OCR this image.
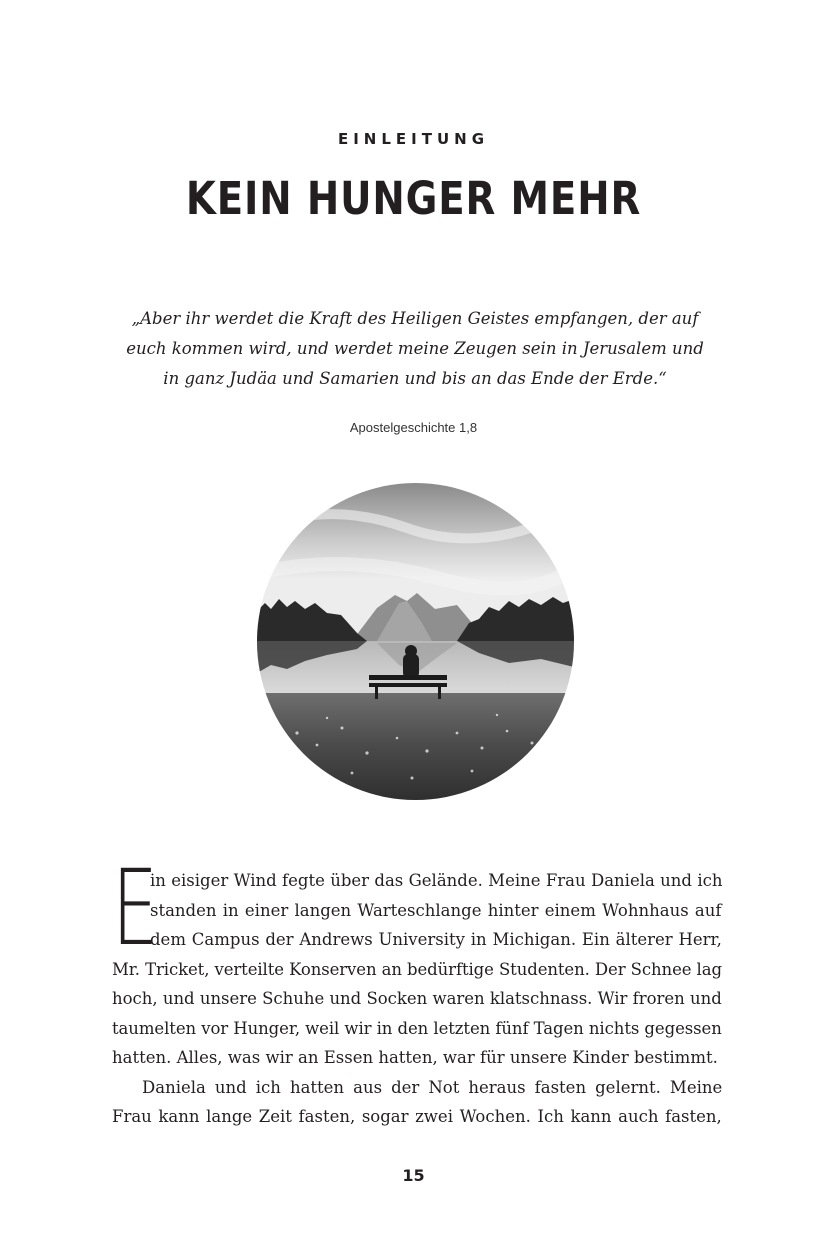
EINLEITUNG
KEIN HUNGER MEHR
„Aber ihr werdet die Kraft des Heiligen Geistes empfangen, der auf
euch kommen wird, und werdet meine Zeugen sein in Jerusalem und
in ganz Judäa und Samarien und bis an das Ende der Erde.“
Apostelgeschichte 1,8
E
in eisiger Wind fegte über das Gelände. Meine Frau Daniela und ich
standen in einer langen Warteschlange hinter einem Wohnhaus auf
dem Campus der Andrews University in Michigan. Ein älterer Herr,
Mr. Tricket, verteilte Konserven an bedürftige Studenten. Der Schnee lag
hoch, und unsere Schuhe und Socken waren klatschnass. Wir froren und
taumelten vor Hunger, weil wir in den letzten fünf Tagen nichts gegessen
hatten. Alles, was wir an Essen hatten, war für unsere Kinder bestimmt.
Daniela und ich hatten aus der Not heraus fasten gelernt. Meine
Frau kann lange Zeit fasten, sogar zwei Wochen. Ich kann auch fasten,
15
